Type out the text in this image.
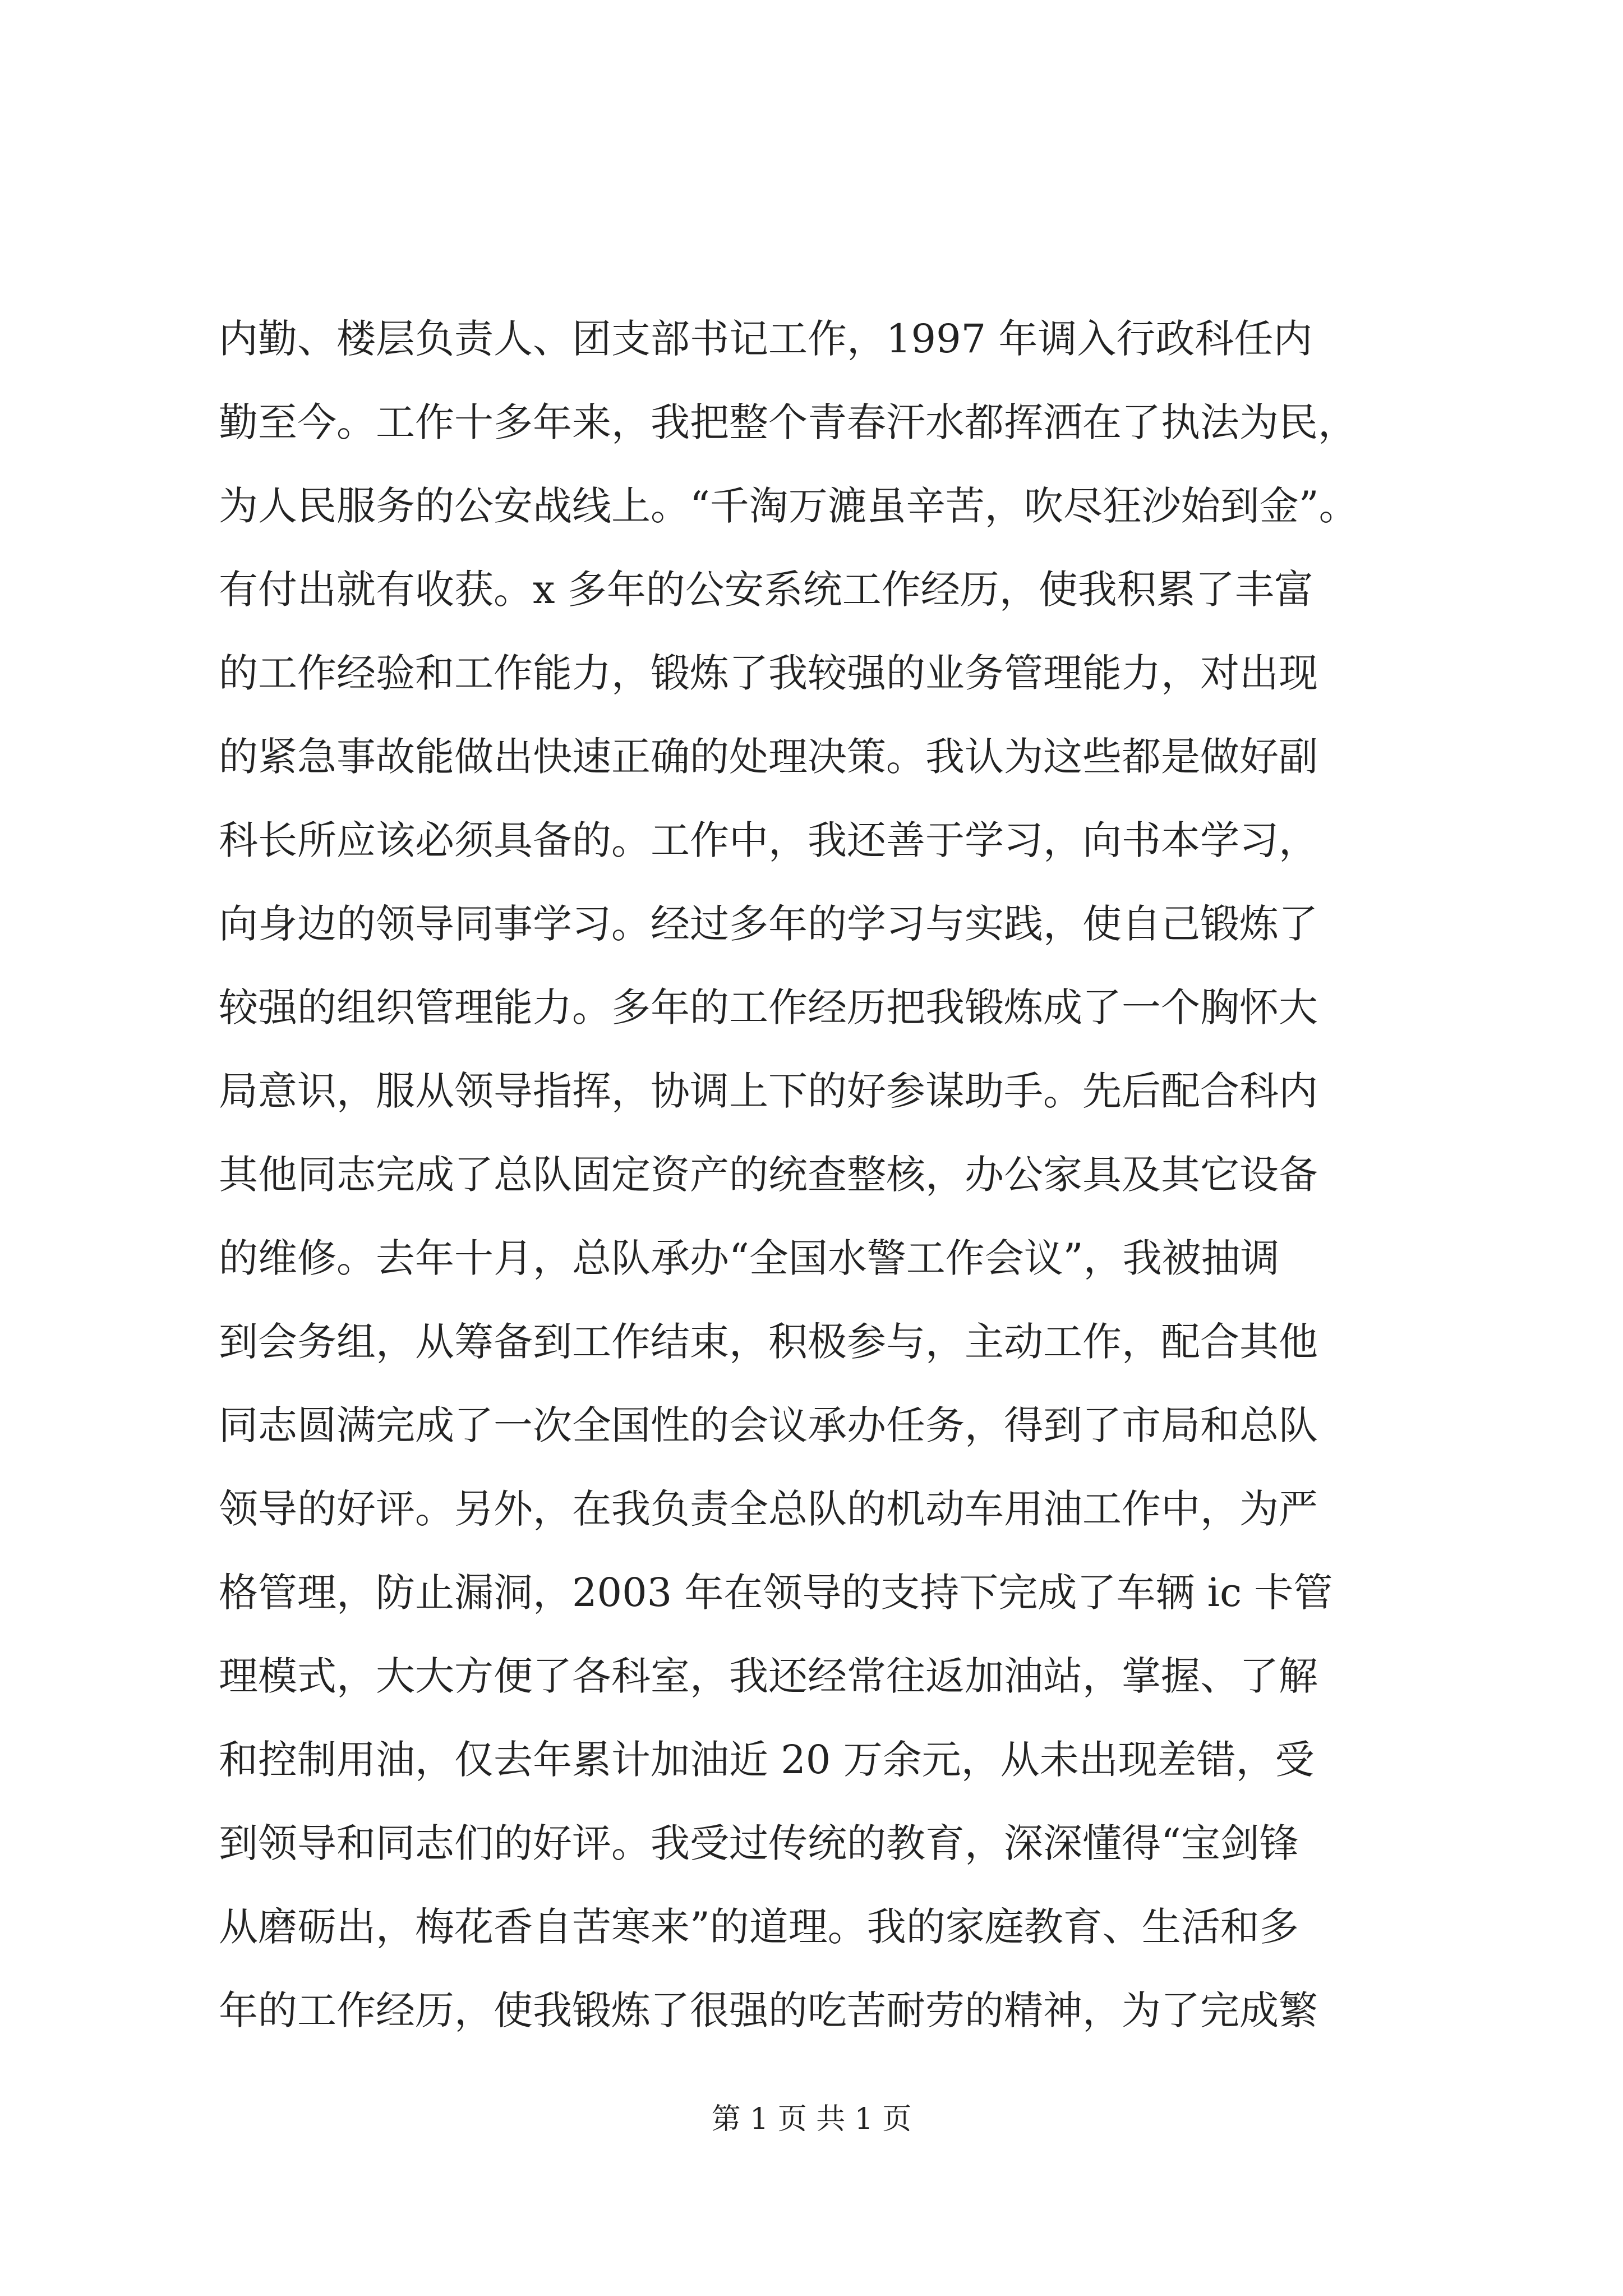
内勤、楼层负责人、团支部书记工作，1997 年调入行政科任内
勤至今。工作十多年来，我把整个青春汗水都挥洒在了执法为民，
为人民服务的公安战线上。“千淘万漉虽辛苦，吹尽狂沙始到金”。
有付出就有收获。x 多年的公安系统工作经历，使我积累了丰富
的工作经验和工作能力，锻炼了我较强的业务管理能力，对出现
的紧急事故能做出快速正确的处理决策。我认为这些都是做好副
科长所应该必须具备的。工作中，我还善于学习，向书本学习，
向身边的领导同事学习。经过多年的学习与实践，使自己锻炼了
较强的组织管理能力。多年的工作经历把我锻炼成了一个胸怀大
局意识，服从领导指挥，协调上下的好参谋助手。先后配合科内
其他同志完成了总队固定资产的统查整核，办公家具及其它设备
的维修。去年十月，总队承办“全国水警工作会议”，我被抽调
到会务组，从筹备到工作结束，积极参与，主动工作，配合其他
同志圆满完成了一次全国性的会议承办任务，得到了市局和总队
领导的好评。另外，在我负责全总队的机动车用油工作中，为严
格管理，防止漏洞，2003 年在领导的支持下完成了车辆 ic 卡管
理模式，大大方便了各科室，我还经常往返加油站，掌握、了解
和控制用油，仅去年累计加油近 20 万余元，从未出现差错，受
到领导和同志们的好评。我受过传统的教育，深深懂得“宝剑锋
从磨砺出，梅花香自苦寒来”的道理。我的家庭教育、生活和多
年的工作经历，使我锻炼了很强的吃苦耐劳的精神，为了完成繁
第 1 页 共 1 页
